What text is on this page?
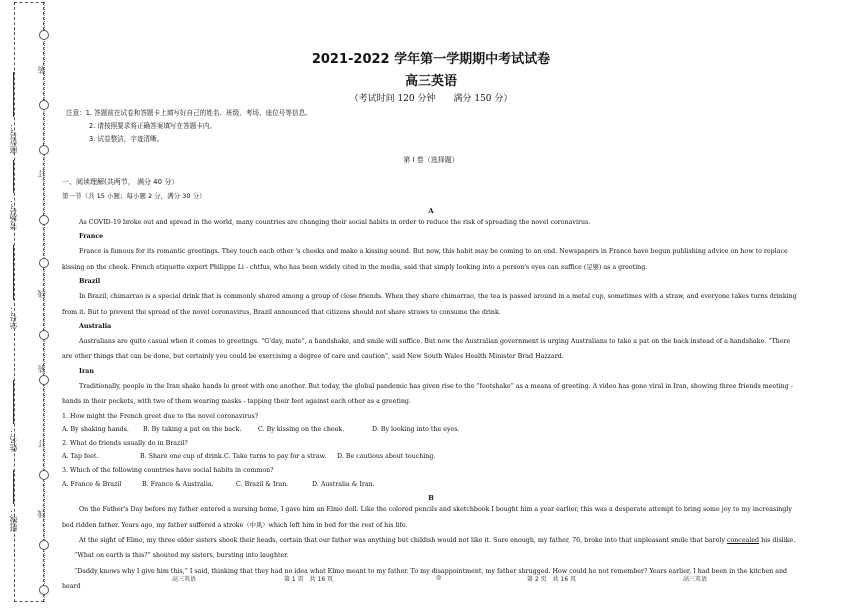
装
订
线
装
订
线
座位号：
考场号：
学号：
姓名：
班级：
2021-2022 学年第一学期期中考试试卷
高三英语
（考试时间 120 分钟　　满分 150 分）
注意：1. 答题前在试卷和答题卡上填写好自己的姓名、班级、考场、座位号等信息。
2. 请按照要求将正确答案填写在答题卡内。
3. 试卷整洁，字迹清晰。
第 I 卷（选择题）
一、阅读理解(共两节， 满分 40 分）
第一节（共 15 小题；每小题 2 分，满分 30 分）
A

As COVID-19 broke out and spread in the world, many countries are changing their social habits in order to reduce the risk of spreading the novel coronavirus.

France

France is famous for its romantic greetings. They touch each other 's cheeks and make a kissing sound. But now, this habit may be coming to an end. Newspapers in France have begun publishing advice on how to replace kissing on the cheek. French etiquette expert Philippe Li - chtfus, who has been widely cited in the media, said that simply looking into a person's eyes can suffice (足够) as a greeting.

Brazil

In Brazil, chimarrao is a special drink that is commonly shared among a group of close friends. When they share chimarrao, the tea is passed around in a metal cup, sometimes with a straw, and everyone takes turns drinking from it. But to prevent the spread of the novel coronavirus, Brazil announced that citizens should not share straws to consume the drink.

Australia

Australians are quite casual when it comes to greetings. “G'day, mate”, a handshake, and smile will suffice. But now the Australian government is urging Australians to take a pat on the back instead of a handshake. “There are other things that can be done, but certainly you could be exercising a degree of care and caution", said New South Wales Health Minister Brad Hazzard.

Iran

Traditionally, people in the Iran shake hands lo greet with one another. But today, the global pandemic has given rise to the “footshake” as a means of greeting. A video has gone viral in Iran, showing three friends meeting - hands in their pockets, with two of them wearing masks - tapping their feet against each other as a greeting.

1. How might the French greet due to the novel coronavirus?

A. By shaking hands.	B. By taking a pat on the back.	C. By kissing on the cheek.	D. By looking into the eyes.

2. What do friends usually do in Brazil?

A. Tap feet.	B. Share one cup of drink. C. Take turns to pay for a straw.	D. Be cautious about touching.

3. Which of the following countries have social habits in common?

A. France & Brazil	B. France & Australia.	C. Brazil & Iran.	D. Australia & Iran.
B

On the Father's Day before my father entered a nursing home, I gave him an Elmo doll. Like the colored pencils and sketchbook I bought him a year earlier, this was a desperate attempt to bring some joy to my increasingly bed ridden father. Years ago, my father suffered a stroke（中风）which left him in bed for the rest of his life.

At the sight of Elmo, my three elder sisters shook their heads, certain that our father was anything but childish would not like it. Sure enough, my father, 76, broke into that unpleasant smile that barely concealed his dislike.

“What on earth is this?” shouted my sisters, bursting into laughter.

“Daddy knows why I give him this,” I said, thinking that they had no idea what Elmo meant to my father. To my disappointment, my father shrugged. How could he not remember? Years earlier, I had been in the kitchen and heard

高三英语	第 1 页　共 16 页	◎	第 2 页　共 16 页	高三英语
